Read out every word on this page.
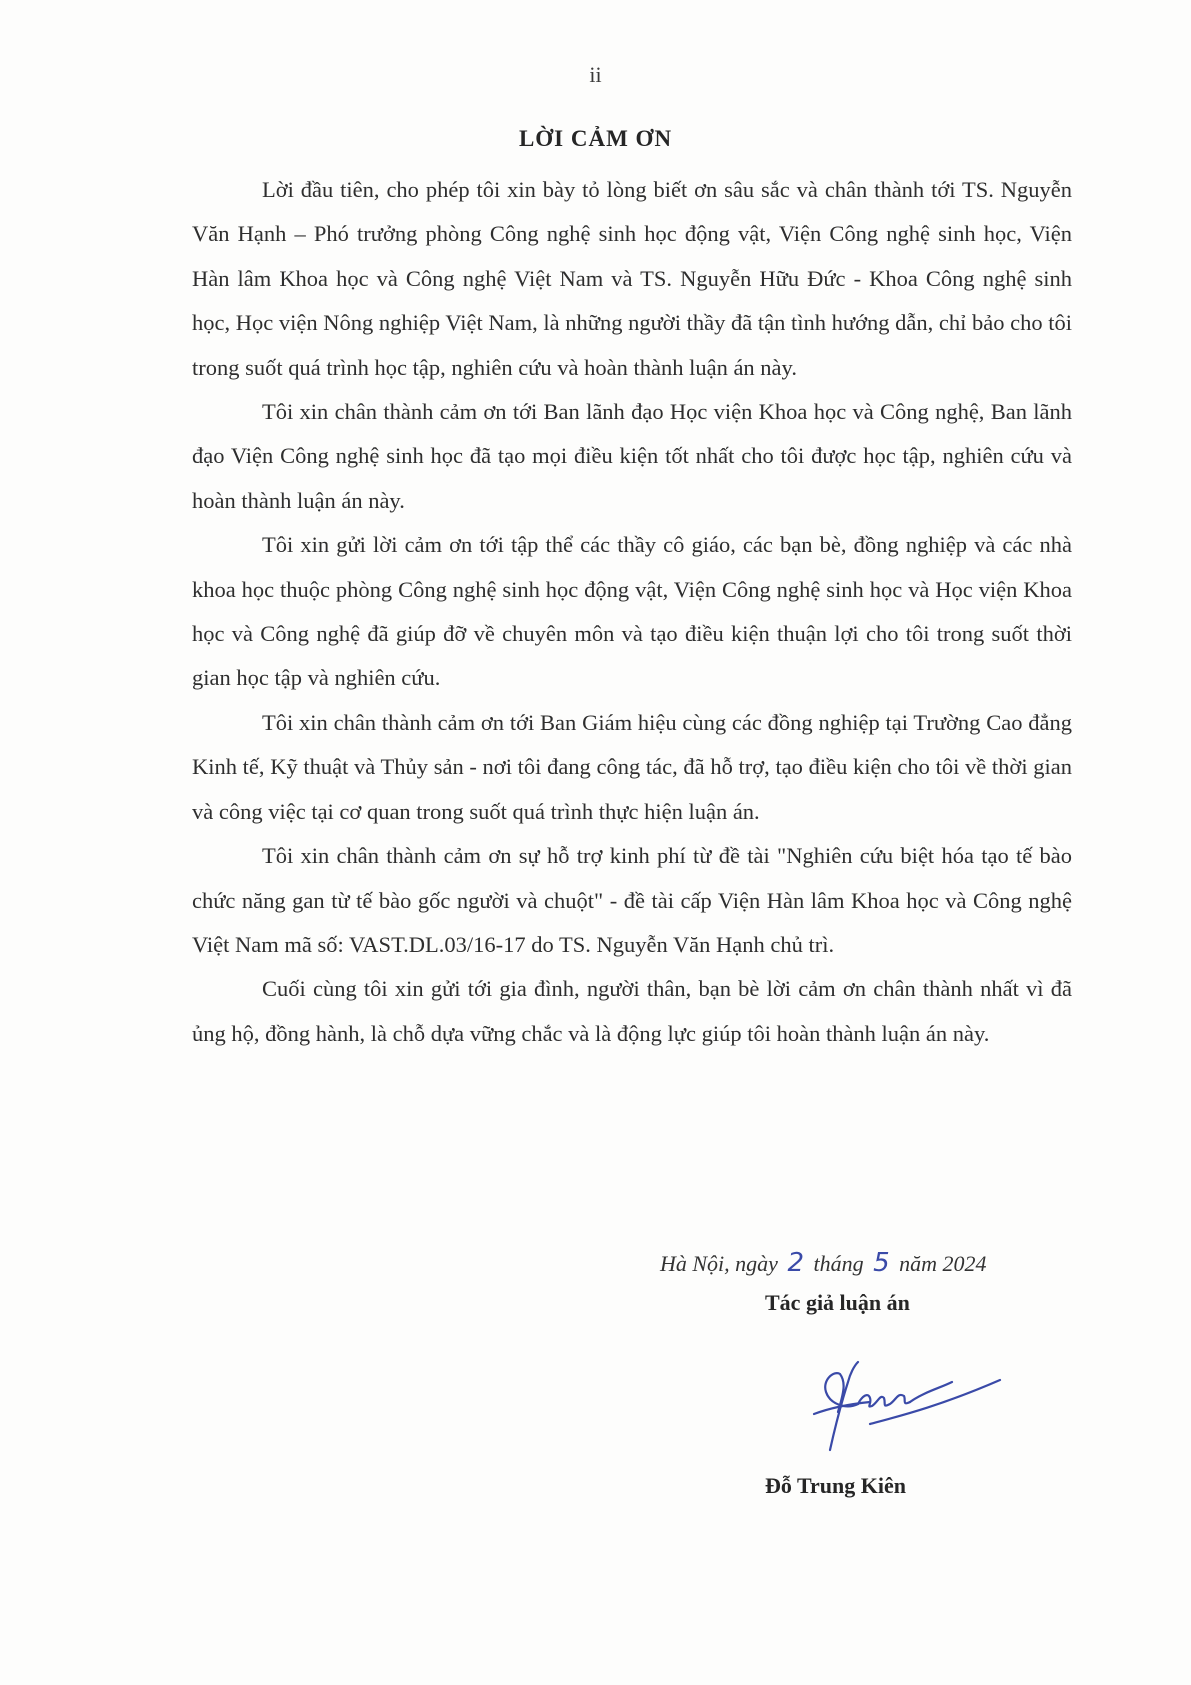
ii
LỜI CẢM ƠN

Lời đầu tiên, cho phép tôi xin bày tỏ lòng biết ơn sâu sắc và chân thành tới TS. Nguyễn Văn Hạnh – Phó trưởng phòng Công nghệ sinh học động vật, Viện Công nghệ sinh học, Viện Hàn lâm Khoa học và Công nghệ Việt Nam và TS. Nguyễn Hữu Đức - Khoa Công nghệ sinh học, Học viện Nông nghiệp Việt Nam, là những người thầy đã tận tình hướng dẫn, chỉ bảo cho tôi trong suốt quá trình học tập, nghiên cứu và hoàn thành luận án này.

Tôi xin chân thành cảm ơn tới Ban lãnh đạo Học viện Khoa học và Công nghệ, Ban lãnh đạo Viện Công nghệ sinh học đã tạo mọi điều kiện tốt nhất cho tôi được học tập, nghiên cứu và hoàn thành luận án này.

Tôi xin gửi lời cảm ơn tới tập thể các thầy cô giáo, các bạn bè, đồng nghiệp và các nhà khoa học thuộc phòng Công nghệ sinh học động vật, Viện Công nghệ sinh học và Học viện Khoa học và Công nghệ đã giúp đỡ về chuyên môn và tạo điều kiện thuận lợi cho tôi trong suốt thời gian học tập và nghiên cứu.

Tôi xin chân thành cảm ơn tới Ban Giám hiệu cùng các đồng nghiệp tại Trường Cao đẳng Kinh tế, Kỹ thuật và Thủy sản - nơi tôi đang công tác, đã hỗ trợ, tạo điều kiện cho tôi về thời gian và công việc tại cơ quan trong suốt quá trình thực hiện luận án.

Tôi xin chân thành cảm ơn sự hỗ trợ kinh phí từ đề tài "Nghiên cứu biệt hóa tạo tế bào chức năng gan từ tế bào gốc người và chuột" - đề tài cấp Viện Hàn lâm Khoa học và Công nghệ Việt Nam mã số: VAST.DL.03/16-17 do TS. Nguyễn Văn Hạnh chủ trì.

Cuối cùng tôi xin gửi tới gia đình, người thân, bạn bè lời cảm ơn chân thành nhất vì đã ủng hộ, đồng hành, là chỗ dựa vững chắc và là động lực giúp tôi hoàn thành luận án này.

Hà Nội, ngày 2 tháng 5 năm 2024
Tác giả luận án
Đỗ Trung Kiên
